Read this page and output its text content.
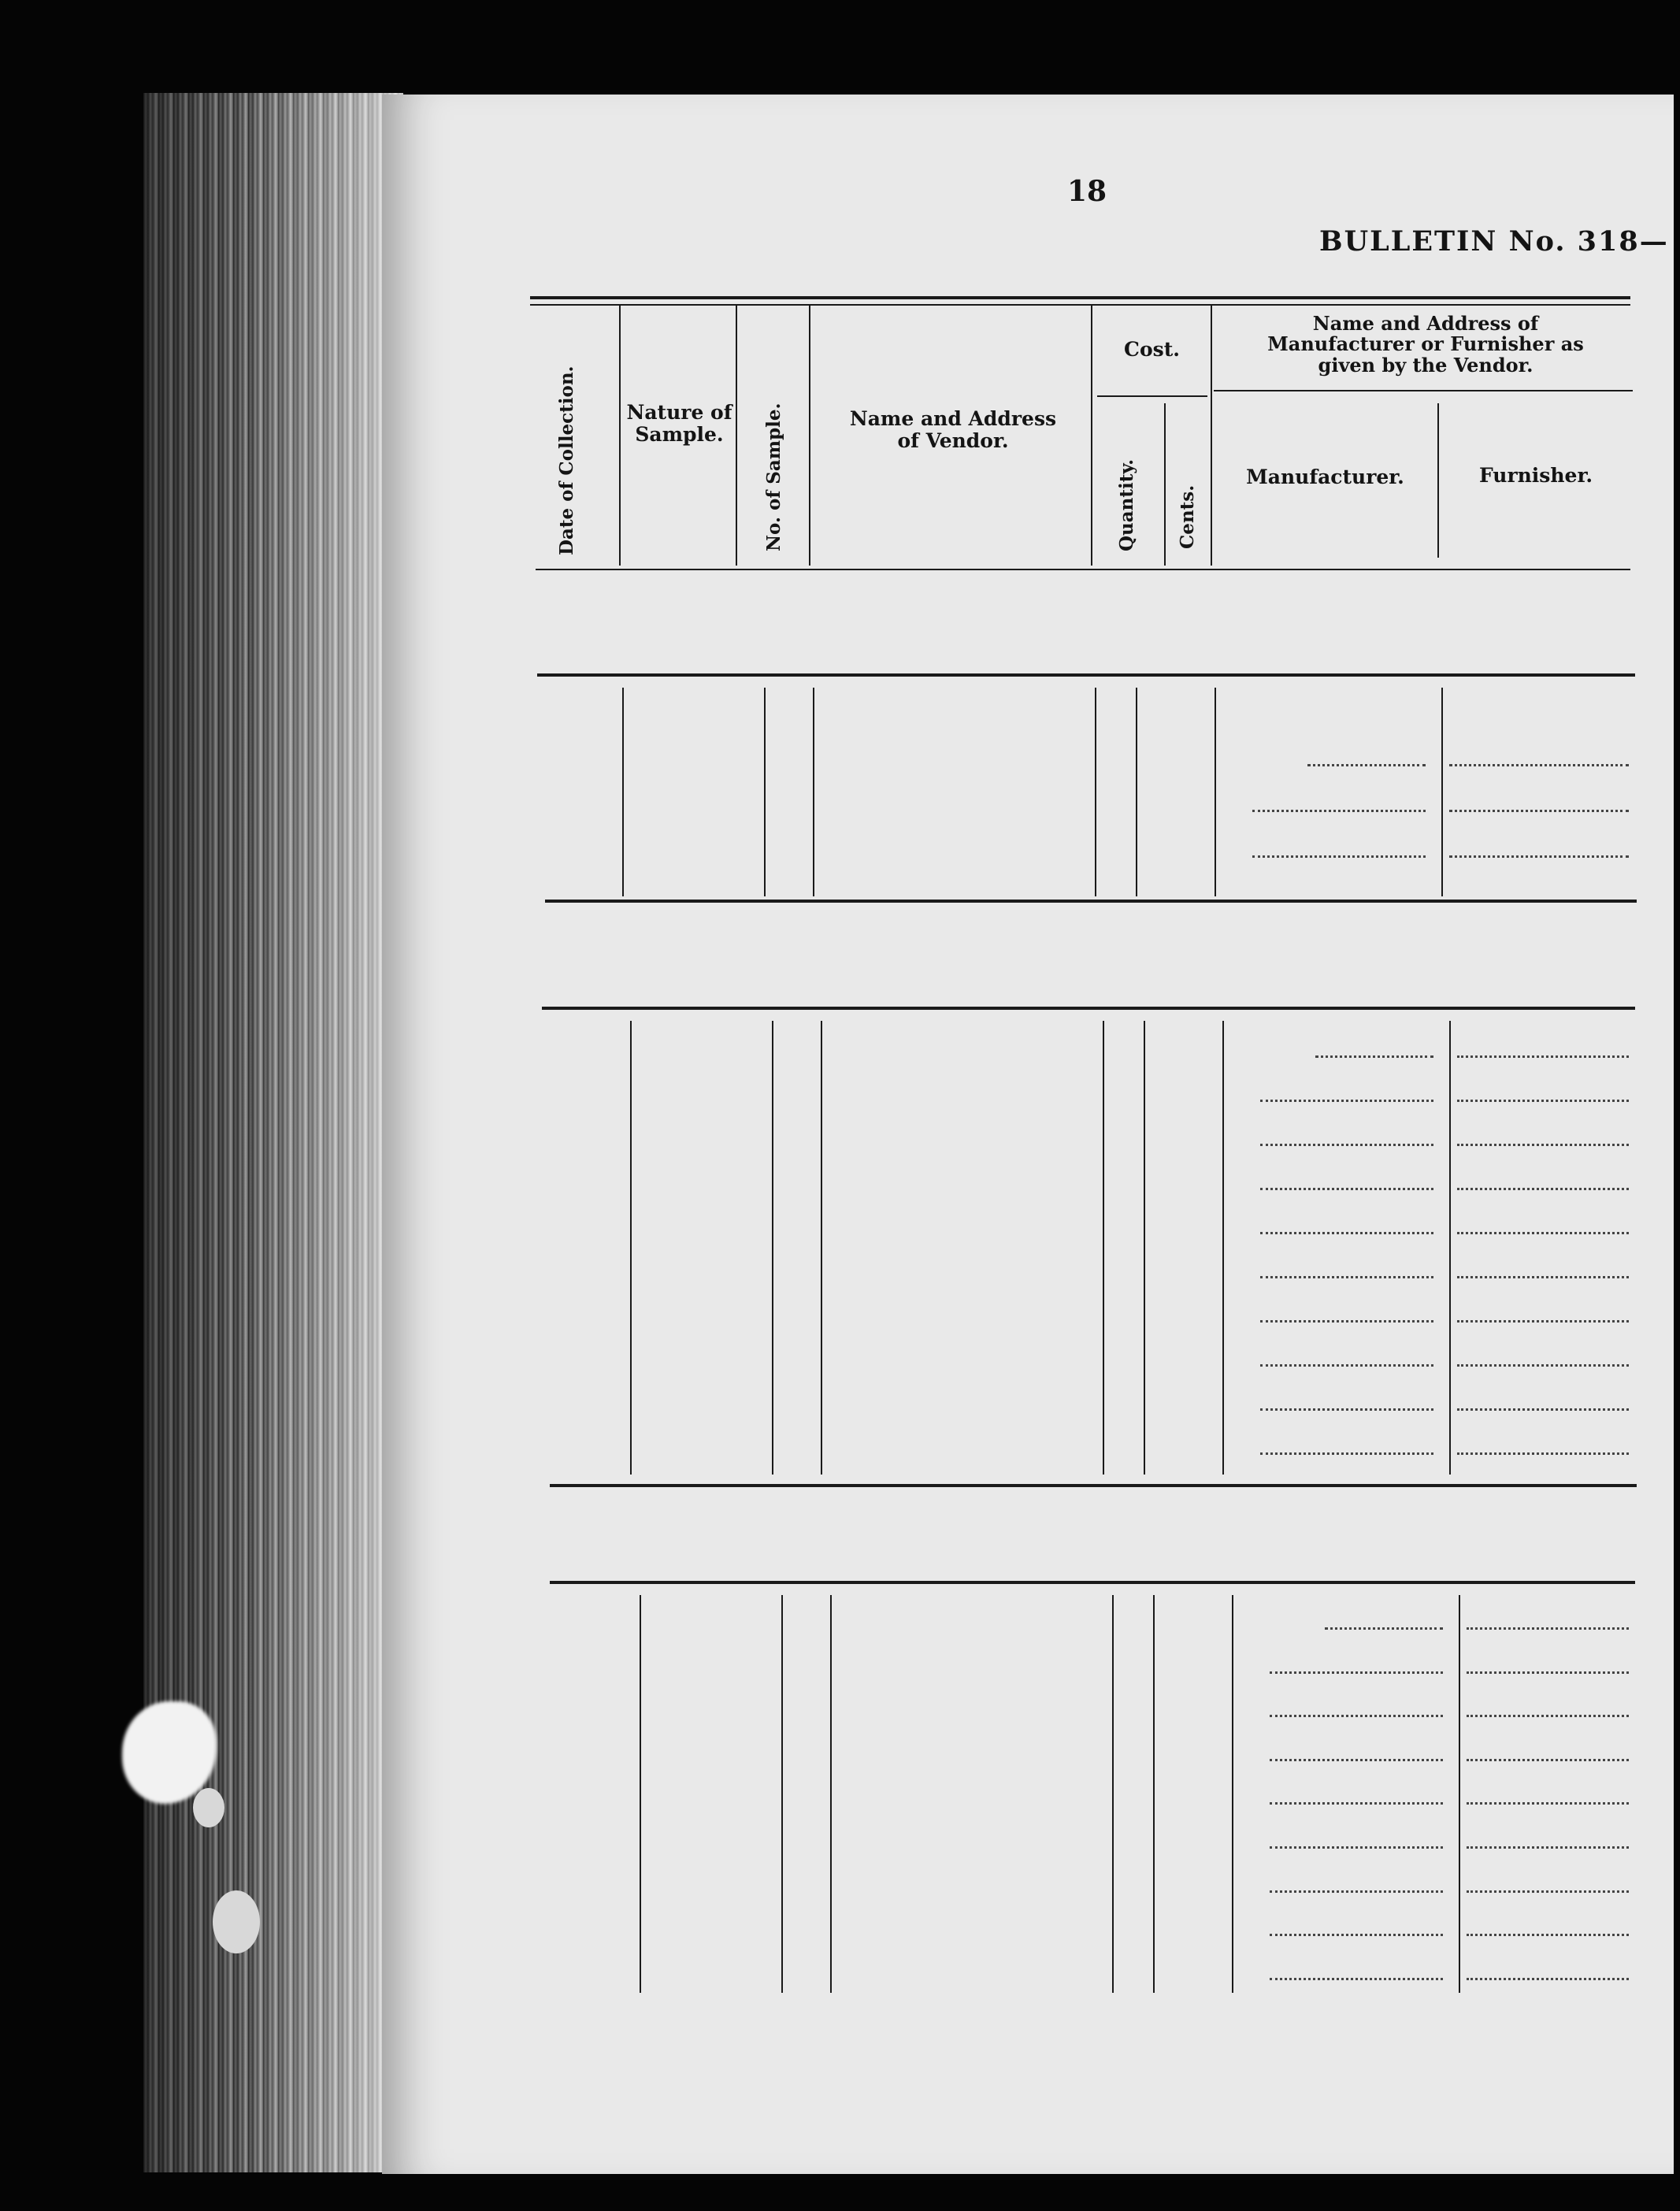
18
BULLETIN No. 318—
Date of Collection.	Nature of Sample.	No. of Sample.	Name and Address of Vendor.
Cost.
Quantity. Cents.
Name and Address of Manufacturer or Furnisher as given by the Vendor.
Manufacturer.	Furnisher.
